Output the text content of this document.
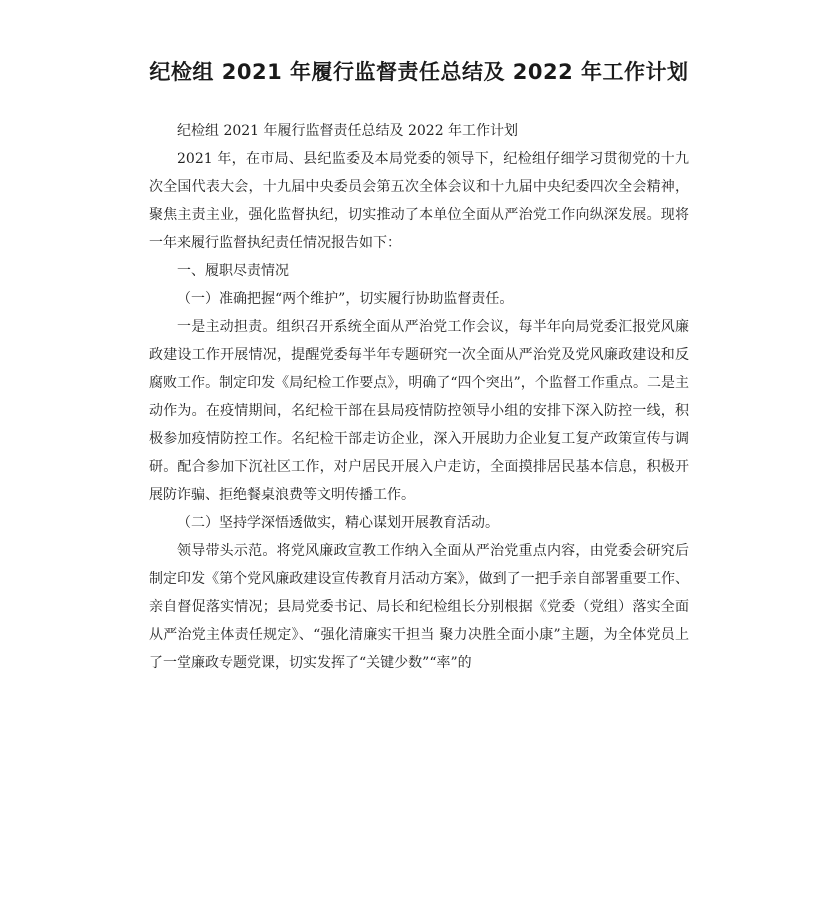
纪检组 2021 年履行监督责任总结及 2022 年工作计划

纪检组 2021 年履行监督责任总结及 2022 年工作计划

2021 年，在市局、县纪监委及本局党委的领导下，纪检组仔细学习贯彻党的十九次全国代表大会，十九届中央委员会第五次全体会议和十九届中央纪委四次全会精神，聚焦主责主业，强化监督执纪，切实推动了本单位全面从严治党工作向纵深发展。现将一年来履行监督执纪责任情况报告如下：

一、履职尽责情况

（一）准确把握“两个维护”，切实履行协助监督责任。

一是主动担责。组织召开系统全面从严治党工作会议，每半年向局党委汇报党风廉政建设工作开展情况，提醒党委每半年专题研究一次全面从严治党及党风廉政建设和反腐败工作。制定印发《局纪检工作要点》，明确了“四个突出”，个监督工作重点。二是主动作为。在疫情期间，名纪检干部在县局疫情防控领导小组的安排下深入防控一线，积极参加疫情防控工作。名纪检干部走访企业，深入开展助力企业复工复产政策宣传与调研。配合参加下沉社区工作，对户居民开展入户走访，全面摸排居民基本信息，积极开展防诈骗、拒绝餐桌浪费等文明传播工作。

（二）坚持学深悟透做实，精心谋划开展教育活动。

领导带头示范。将党风廉政宣教工作纳入全面从严治党重点内容，由党委会研究后制定印发《第个党风廉政建设宣传教育月活动方案》，做到了一把手亲自部署重要工作、亲自督促落实情况；县局党委书记、局长和纪检组长分别根据《党委（党组）落实全面从严治党主体责任规定》、“强化清廉实干担当 聚力决胜全面小康”主题，为全体党员上了一堂廉政专题党课，切实发挥了“关键少数”“率”的
